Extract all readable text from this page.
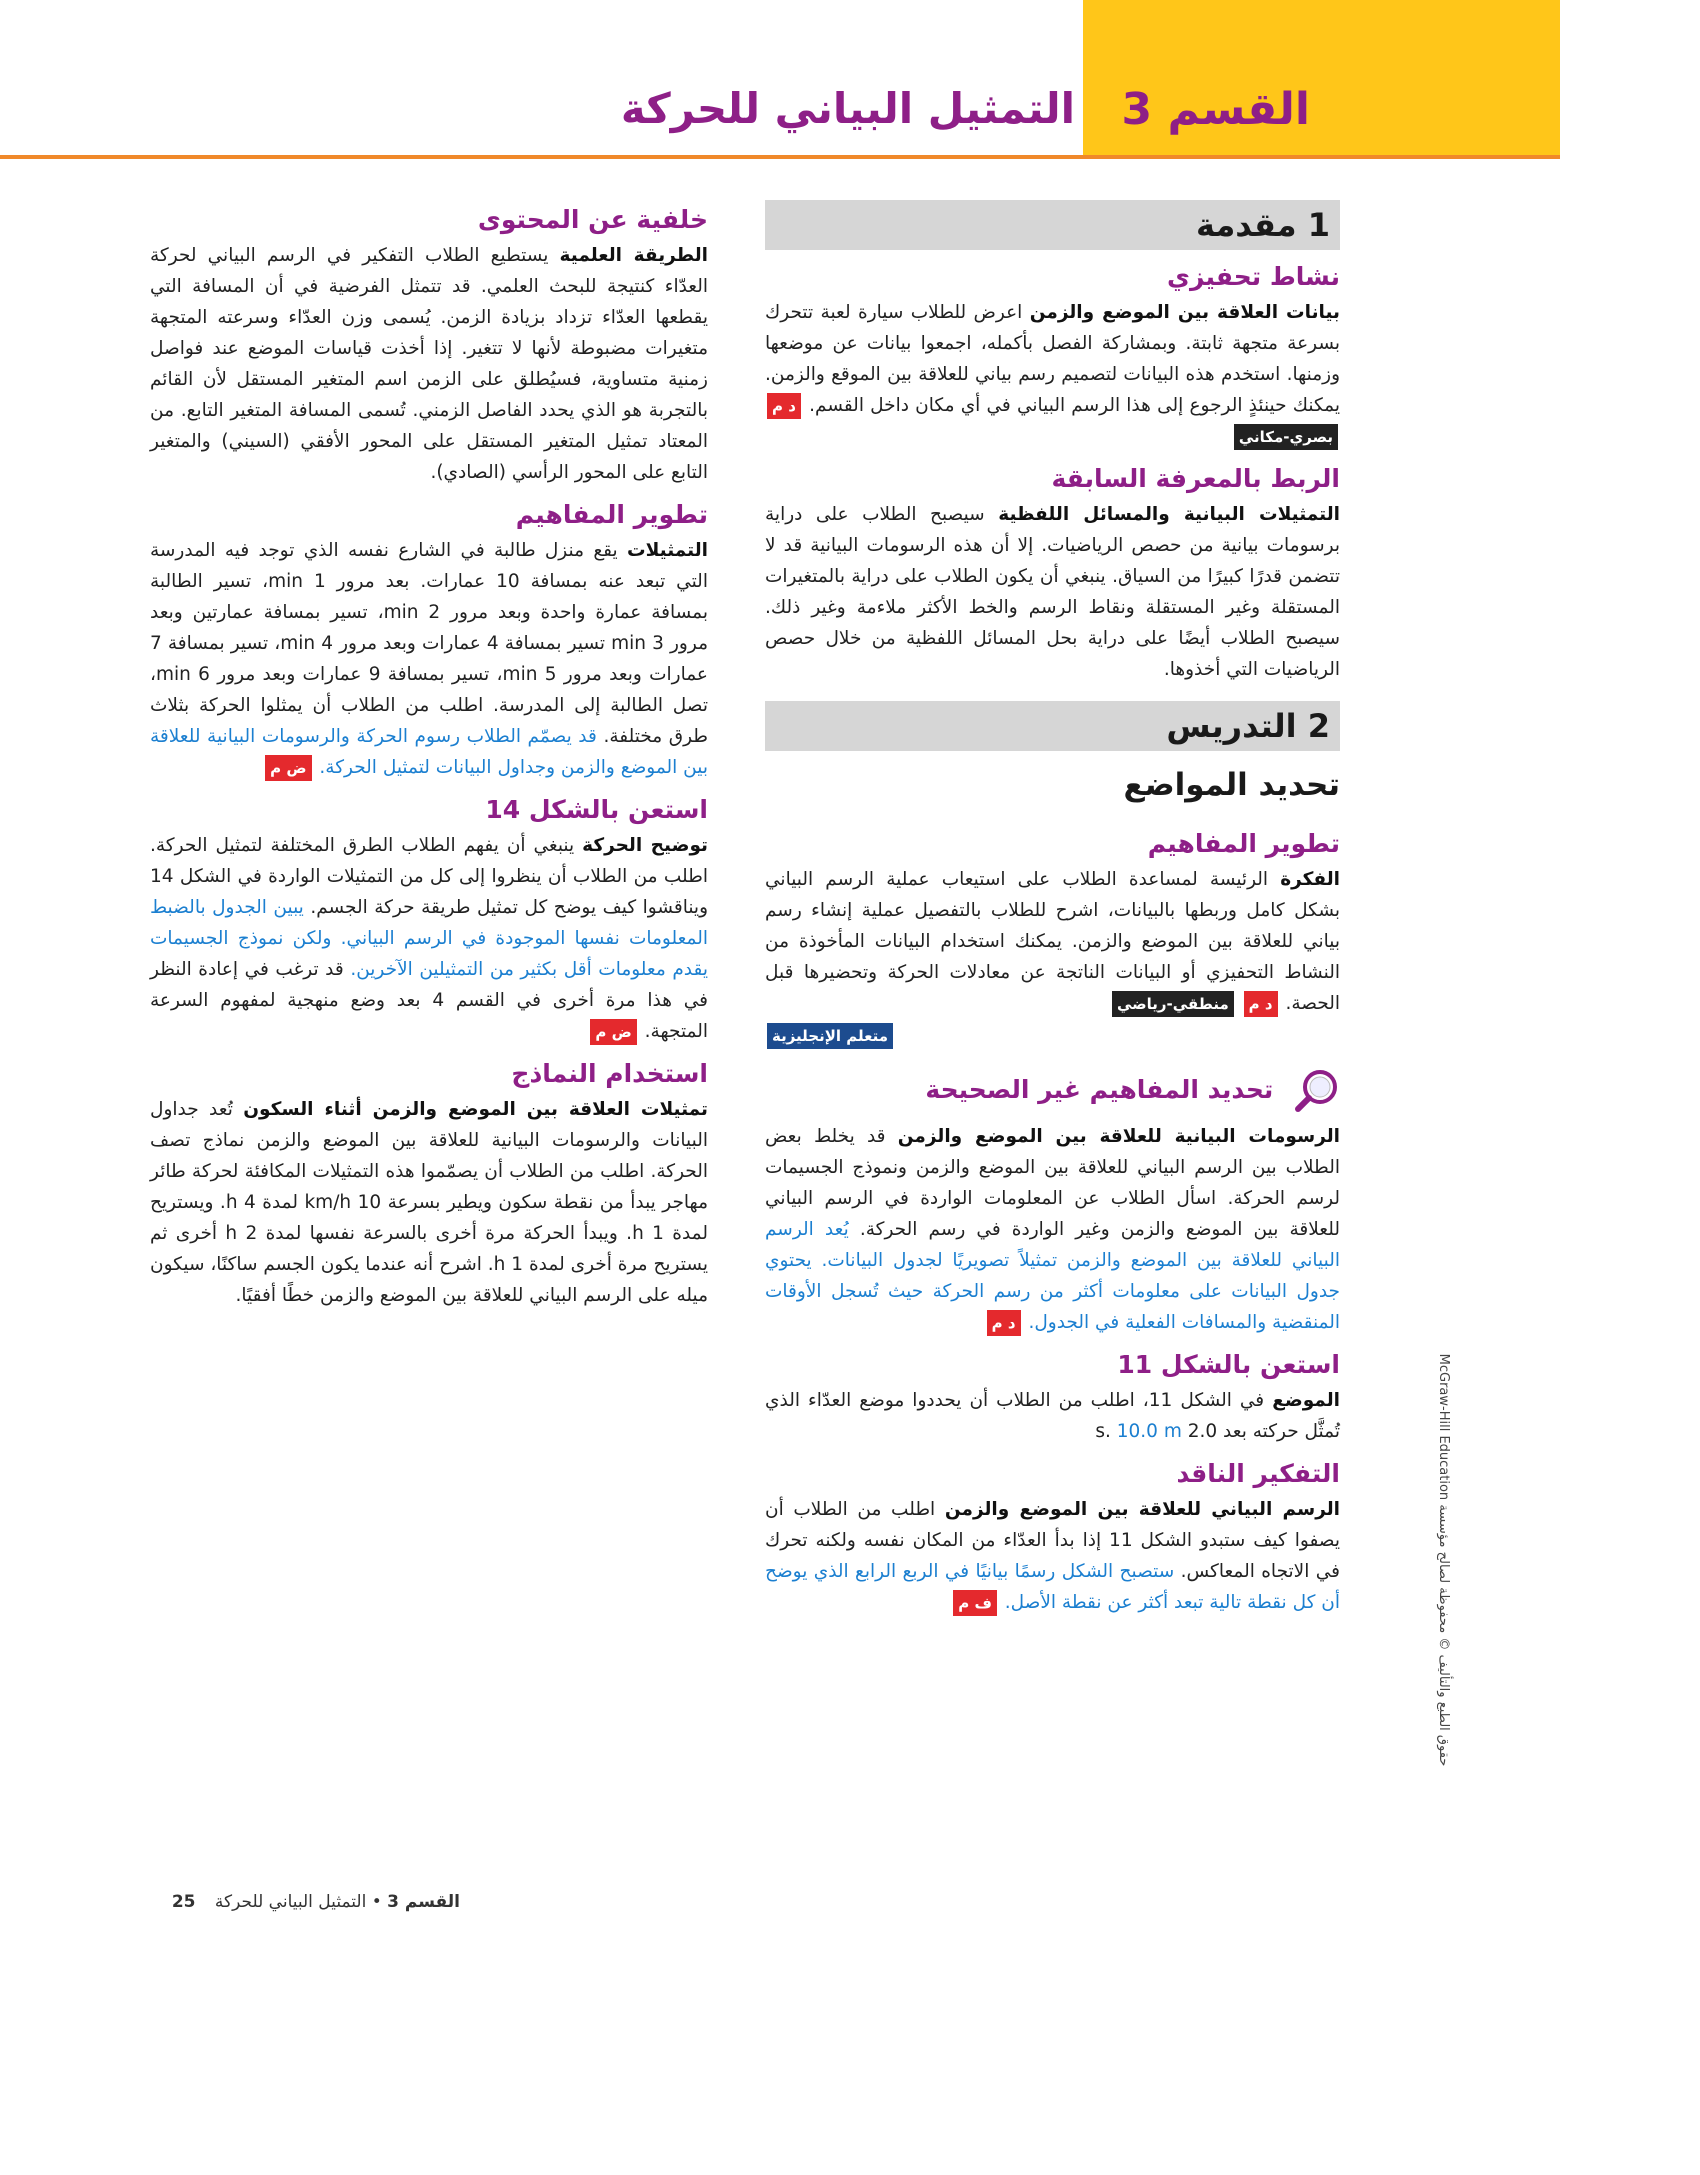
القسم 3
التمثيل البياني للحركة
1 مقدمة
نشاط تحفيزي

بيانات العلاقة بين الموضع والزمن اعرض للطلاب سيارة لعبة تتحرك بسرعة متجهة ثابتة. وبمشاركة الفصل بأكمله، اجمعوا بيانات عن موضعها وزمنها. استخدم هذه البيانات لتصميم رسم بياني للعلاقة بين الموقع والزمن. يمكنك حينئذٍ الرجوع إلى هذا الرسم البياني في أي مكان داخل القسم. د م بصري-مكاني

الربط بالمعرفة السابقة

التمثيلات البيانية والمسائل اللفظية سيصبح الطلاب على دراية برسومات بيانية من حصص الرياضيات. إلا أن هذه الرسومات البيانية قد لا تتضمن قدرًا كبيرًا من السياق. ينبغي أن يكون الطلاب على دراية بالمتغيرات المستقلة وغير المستقلة ونقاط الرسم والخط الأكثر ملاءمة وغير ذلك. سيصبح الطلاب أيضًا على دراية بحل المسائل اللفظية من خلال حصص الرياضيات التي أخذوها.

2 التدريس
تحديد المواضع
تطوير المفاهيم

الفكرة الرئيسة لمساعدة الطلاب على استيعاب عملية الرسم البياني بشكل كامل وربطها بالبيانات، اشرح للطلاب بالتفصيل عملية إنشاء رسم بياني للعلاقة بين الموضع والزمن. يمكنك استخدام البيانات المأخوذة من النشاط التحفيزي أو البيانات الناتجة عن معادلات الحركة وتحضيرها قبل الحصة. د م منطقي-رياضي

متعلم الإنجليزية
تحديد المفاهيم غير الصحيحة

الرسومات البيانية للعلاقة بين الموضع والزمن قد يخلط بعض الطلاب بين الرسم البياني للعلاقة بين الموضع والزمن ونموذج الجسيمات لرسم الحركة. اسأل الطلاب عن المعلومات الواردة في الرسم البياني للعلاقة بين الموضع والزمن وغير الواردة في رسم الحركة. يُعد الرسم البياني للعلاقة بين الموضع والزمن تمثيلاً تصويريًا لجدول البيانات. يحتوي جدول البيانات على معلومات أكثر من رسم الحركة حيث تُسجل الأوقات المنقضية والمسافات الفعلية في الجدول. د م

استعن بالشكل 11

الموضع في الشكل 11، اطلب من الطلاب أن يحددوا موضع العدّاء الذي تُمثَّل حركته بعد 2.0 s. 10.0 m

التفكير الناقد

الرسم البياني للعلاقة بين الموضع والزمن اطلب من الطلاب أن يصفوا كيف ستبدو الشكل 11 إذا بدأ العدّاء من المكان نفسه ولكنه تحرك في الاتجاه المعاكس. ستصبح الشكل رسمًا بيانيًا في الربع الرابع الذي يوضح أن كل نقطة تالية تبعد أكثر عن نقطة الأصل. ف م

خلفية عن المحتوى

الطريقة العلمية يستطيع الطلاب التفكير في الرسم البياني لحركة العدّاء كنتيجة للبحث العلمي. قد تتمثل الفرضية في أن المسافة التي يقطعها العدّاء تزداد بزيادة الزمن. يُسمى وزن العدّاء وسرعته المتجهة متغيرات مضبوطة لأنها لا تتغير. إذا أخذت قياسات الموضع عند فواصل زمنية متساوية، فسيُطلق على الزمن اسم المتغير المستقل لأن القائم بالتجربة هو الذي يحدد الفاصل الزمني. تُسمى المسافة المتغير التابع. من المعتاد تمثيل المتغير المستقل على المحور الأفقي (السيني) والمتغير التابع على المحور الرأسي (الصادي).

تطوير المفاهيم

التمثيلات يقع منزل طالبة في الشارع نفسه الذي توجد فيه المدرسة التي تبعد عنه بمسافة 10 عمارات. بعد مرور 1 min، تسير الطالبة بمسافة عمارة واحدة وبعد مرور 2 min، تسير بمسافة عمارتين وبعد مرور 3 min تسير بمسافة 4 عمارات وبعد مرور 4 min، تسير بمسافة 7 عمارات وبعد مرور 5 min، تسير بمسافة 9 عمارات وبعد مرور 6 min، تصل الطالبة إلى المدرسة. اطلب من الطلاب أن يمثلوا الحركة بثلاث طرق مختلفة. قد يصمّم الطلاب رسوم الحركة والرسومات البيانية للعلاقة بين الموضع والزمن وجداول البيانات لتمثيل الحركة. ض م

استعن بالشكل 14

توضيح الحركة ينبغي أن يفهم الطلاب الطرق المختلفة لتمثيل الحركة. اطلب من الطلاب أن ينظروا إلى كل من التمثيلات الواردة في الشكل 14 ويناقشوا كيف يوضح كل تمثيل طريقة حركة الجسم. يبين الجدول بالضبط المعلومات نفسها الموجودة في الرسم البياني. ولكن نموذج الجسيمات يقدم معلومات أقل بكثير من التمثيلين الآخرين. قد ترغب في إعادة النظر في هذا مرة أخرى في القسم 4 بعد وضع منهجية لمفهوم السرعة المتجهة. ض م

استخدام النماذج

تمثيلات العلاقة بين الموضع والزمن أثناء السكون تُعد جداول البيانات والرسومات البيانية للعلاقة بين الموضع والزمن نماذج تصف الحركة. اطلب من الطلاب أن يصمّموا هذه التمثيلات المكافئة لحركة طائر مهاجر يبدأ من نقطة سكون ويطير بسرعة 10 km/h لمدة 4 h. ويستريح لمدة 1 h. ويبدأ الحركة مرة أخرى بالسرعة نفسها لمدة 2 h أخرى ثم يستريح مرة أخرى لمدة 1 h. اشرح أنه عندما يكون الجسم ساكنًا، سيكون ميله على الرسم البياني للعلاقة بين الموضع والزمن خطًا أفقيًا.

حقوق الطبع والتأليف © محفوظة لصالح مؤسسة McGraw-Hill Education
القسم 3 • التمثيل البياني للحركة 25
